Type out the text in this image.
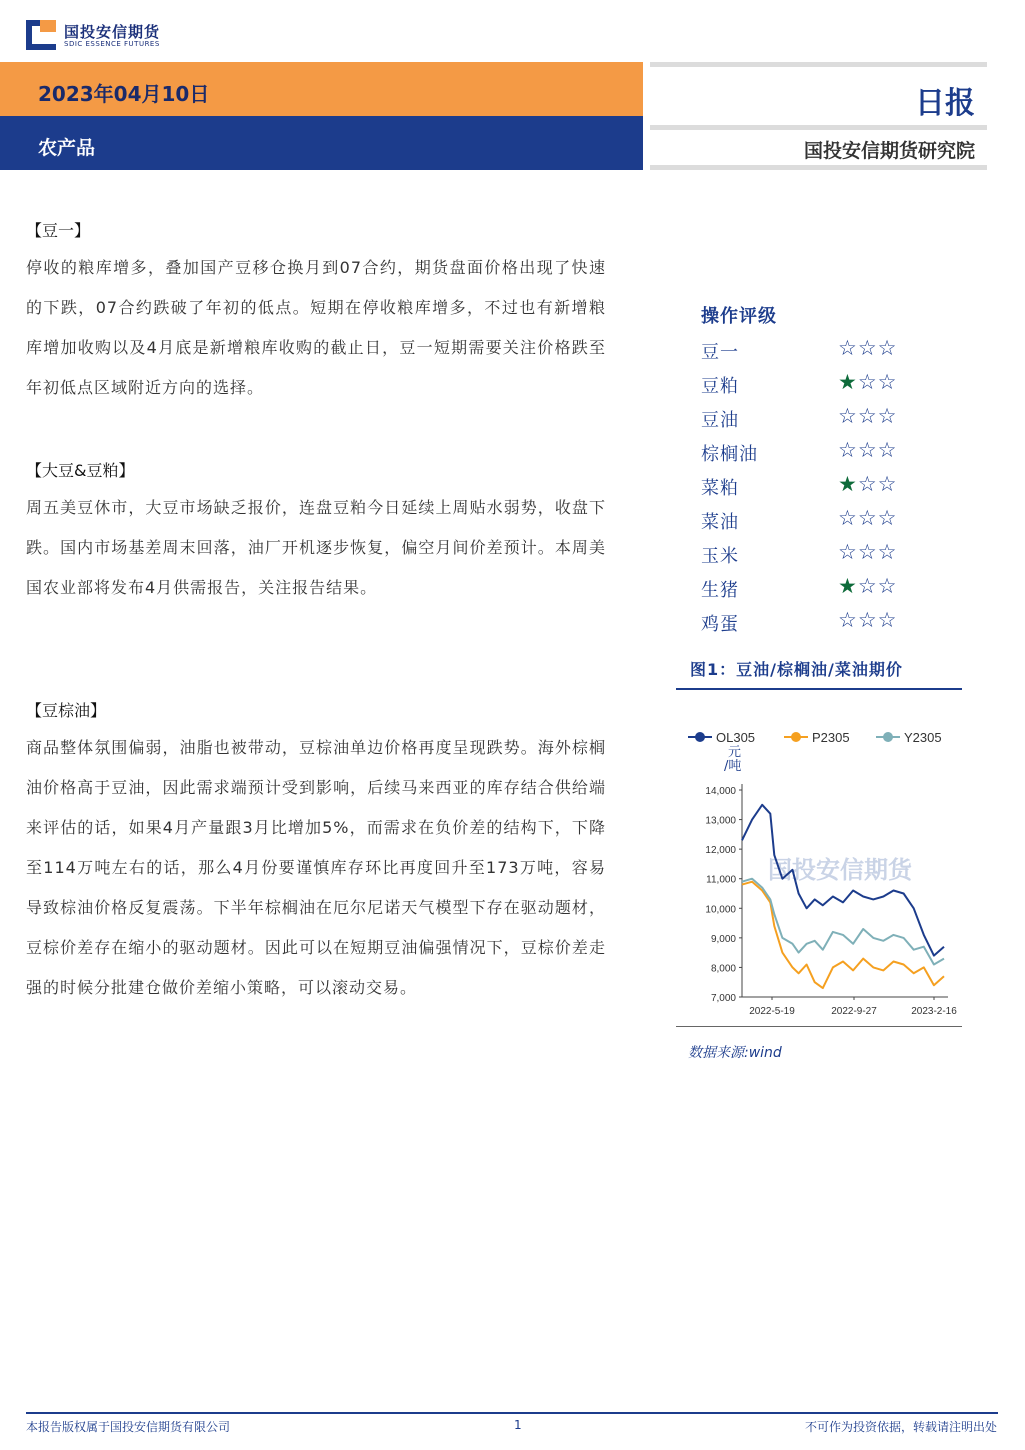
国投安信期货
SDIC ESSENCE FUTURES
2023年04月10日
农产品
日报
国投安信期货研究院
【豆一】
停收的粮库增多，叠加国产豆移仓换月到07合约，期货盘面价格出现了快速的下跌，07合约跌破了年初的低点。短期在停收粮库增多，不过也有新增粮库增加收购以及4月底是新增粮库收购的截止日，豆一短期需要关注价格跌至年初低点区域附近方向的选择。
【大豆&豆粕】
周五美豆休市，大豆市场缺乏报价，连盘豆粕今日延续上周贴水弱势，收盘下跌。国内市场基差周末回落，油厂开机逐步恢复，偏空月间价差预计。本周美国农业部将发布4月供需报告，关注报告结果。
【豆棕油】
商品整体氛围偏弱，油脂也被带动，豆棕油单边价格再度呈现跌势。海外棕榈油价格高于豆油，因此需求端预计受到影响，后续马来西亚的库存结合供给端来评估的话，如果4月产量跟3月比增加5%，而需求在负价差的结构下，下降至114万吨左右的话，那么4月份要谨慎库存环比再度回升至173万吨，容易导致棕油价格反复震荡。下半年棕榈油在厄尔尼诺天气模型下存在驱动题材，豆棕价差存在缩小的驱动题材。因此可以在短期豆油偏强情况下，豆棕价差走强的时候分批建仓做价差缩小策略，可以滚动交易。
操作评级
豆一	☆☆☆
豆粕	★☆☆
豆油	☆☆☆
棕榈油	☆☆☆
菜粕	★☆☆
菜油	☆☆☆
玉米	☆☆☆
生猪	★☆☆
鸡蛋	☆☆☆
图1：豆油/棕榈油/菜油期价
国投安信期货
OL305	P2305	Y2305
元
/吨
14,000
13,000
12,000
11,000
10,000
9,000
8,000
7,000
2022-5-19	2022-9-27	2023-2-16
数据来源:wind
本报告版权属于国投安信期货有限公司	1	不可作为投资依据，转载请注明出处
